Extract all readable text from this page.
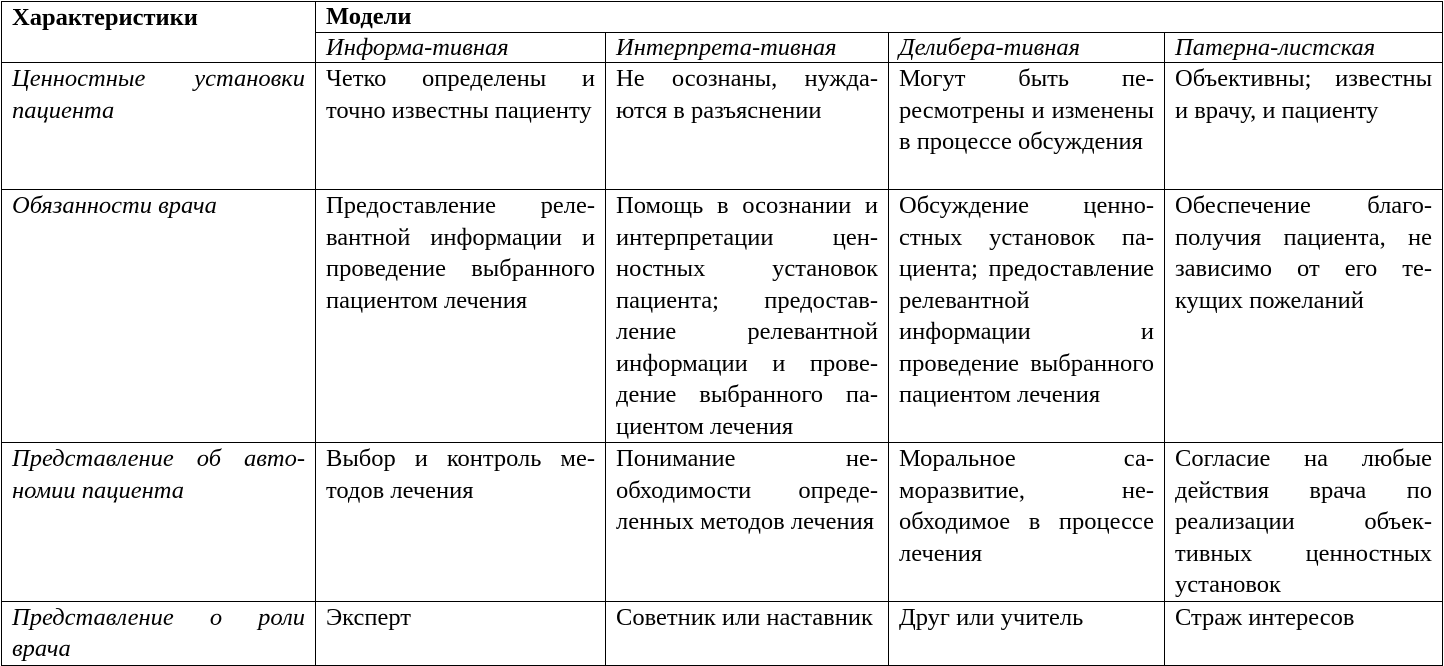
Характеристики	Модели			
	Информа-тивная	Интерпрета-тивная	Делибера-тивная	Патерна-листская
Ценностные установки пациента	Четко определены и точно известны пациенту	Не осознаны, нуждаются в разъяснении	Могут быть пересмотрены и изменены в процессе обсуждения	Объективны; известны и врачу, и пациенту
Обязанности врача	Предоставление релевантной информации и проведение выбранного пациентом лечения	Помощь в осознании и интерпретации ценностных установок пациента; предоставление релевантной информации и проведение выбранного пациентом лечения	Обсуждение ценностных установок пациента; предоставление релевантной информации и проведение выбранного пациентом лечения	Обеспечение благополучия пациента, не зависимо от его текущих пожеланий
Представление об автономии пациента	Выбор и контроль методов лечения	Понимание необходимости определенных методов лечения	Моральное саморазвитие, необходимое в процессе лечения	Согласие на любые действия врача по реализации объективных ценностных установок
Представление о роли врача	Эксперт	Советник или наставник	Друг или учитель	Страж интересов
